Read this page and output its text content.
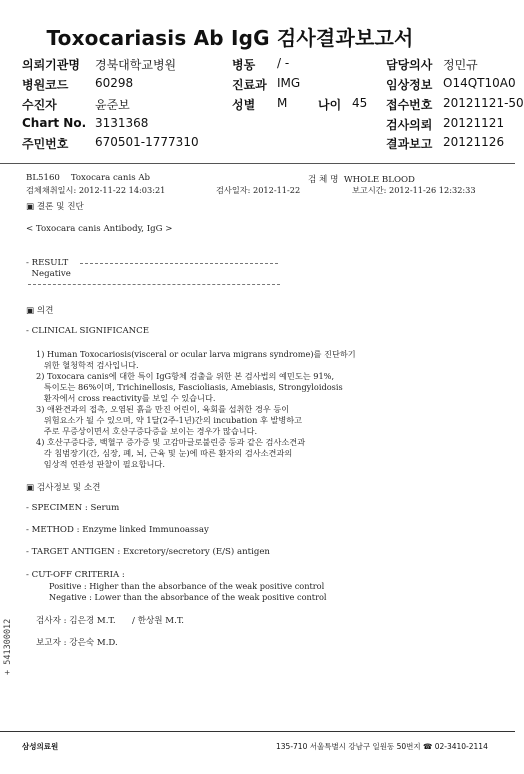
Toxocariasis Ab IgG 검사결과보고서
의뢰기관명 경북대학교병원
병원코드 60298
수진자	윤준보
Chart No. 3131368
주민번호 670501-1777310
병동 / -
진료과 IMG
성별 M	나이 45
담당의사 정민규
임상정보 O14QT10A0
접수번호 20121121-50
검사의뢰 20121121
결과보고 20121126
BL5160    Toxocara canis Ab	검 체 명  WHOLE BLOOD
검체채취일시: 2012-11-22 14:03:21	검사일자: 2012-11-22	보고시간: 2012-11-26 12:32:33
▣ 결론 및 진단
< Toxocara canis Antibody, IgG >
- RESULT
Negative
▣ 의견
- CLINICAL SIGNIFICANCE
1) Human Toxocariosis(visceral or ocular larva migrans syndrome)를 진단하기
위한 혈청학적 검사입니다.
2) Toxocara canis에 대한 특이 IgG항체 검출을 위한 본 검사법의 예민도는 91%,
특이도는 86%이며, Trichinellosis, Fascioliasis, Amebiasis, Strongyloidosis
환자에서 cross reactivity를 보일 수 있습니다.
3) 애완견과의 접촉, 오염된 흙을 만진 어린이, 육회를 섭취한 경우 등이
위험요소가 될 수 있으며, 약 1달(2주-1년)간의 incubation 후 발병하고
주로 무증상이면서 호산구증다증을 보이는 경우가 많습니다.
4) 호산구증다증, 백혈구 증가증 및 고감마글로불린증 등과 같은 검사소견과
각 침범장기(간, 심장, 폐, 뇌, 근육 및 눈)에 따른 환자의 검사소견과의
임상적 연관성 판찰이 필요합니다.
▣ 검사정보 및 소견
- SPECIMEN : Serum
- METHOD : Enzyme linked Immunoassay
- TARGET ANTIGEN : Excretory/secretory (E/S) antigen
- CUT-OFF CRITERIA :
Positive : Higher than the absorbance of the weak positive control
Negative : Lower than the absorbance of the weak positive control
검사자 : 김은경 M.T.      / 한상원 M.T.
보고자 : 강은숙 M.D.
삼성의료원	135-710 서울특별시 강남구 일원동 50번지 ☎ 02-3410-2114
+ 541300012
